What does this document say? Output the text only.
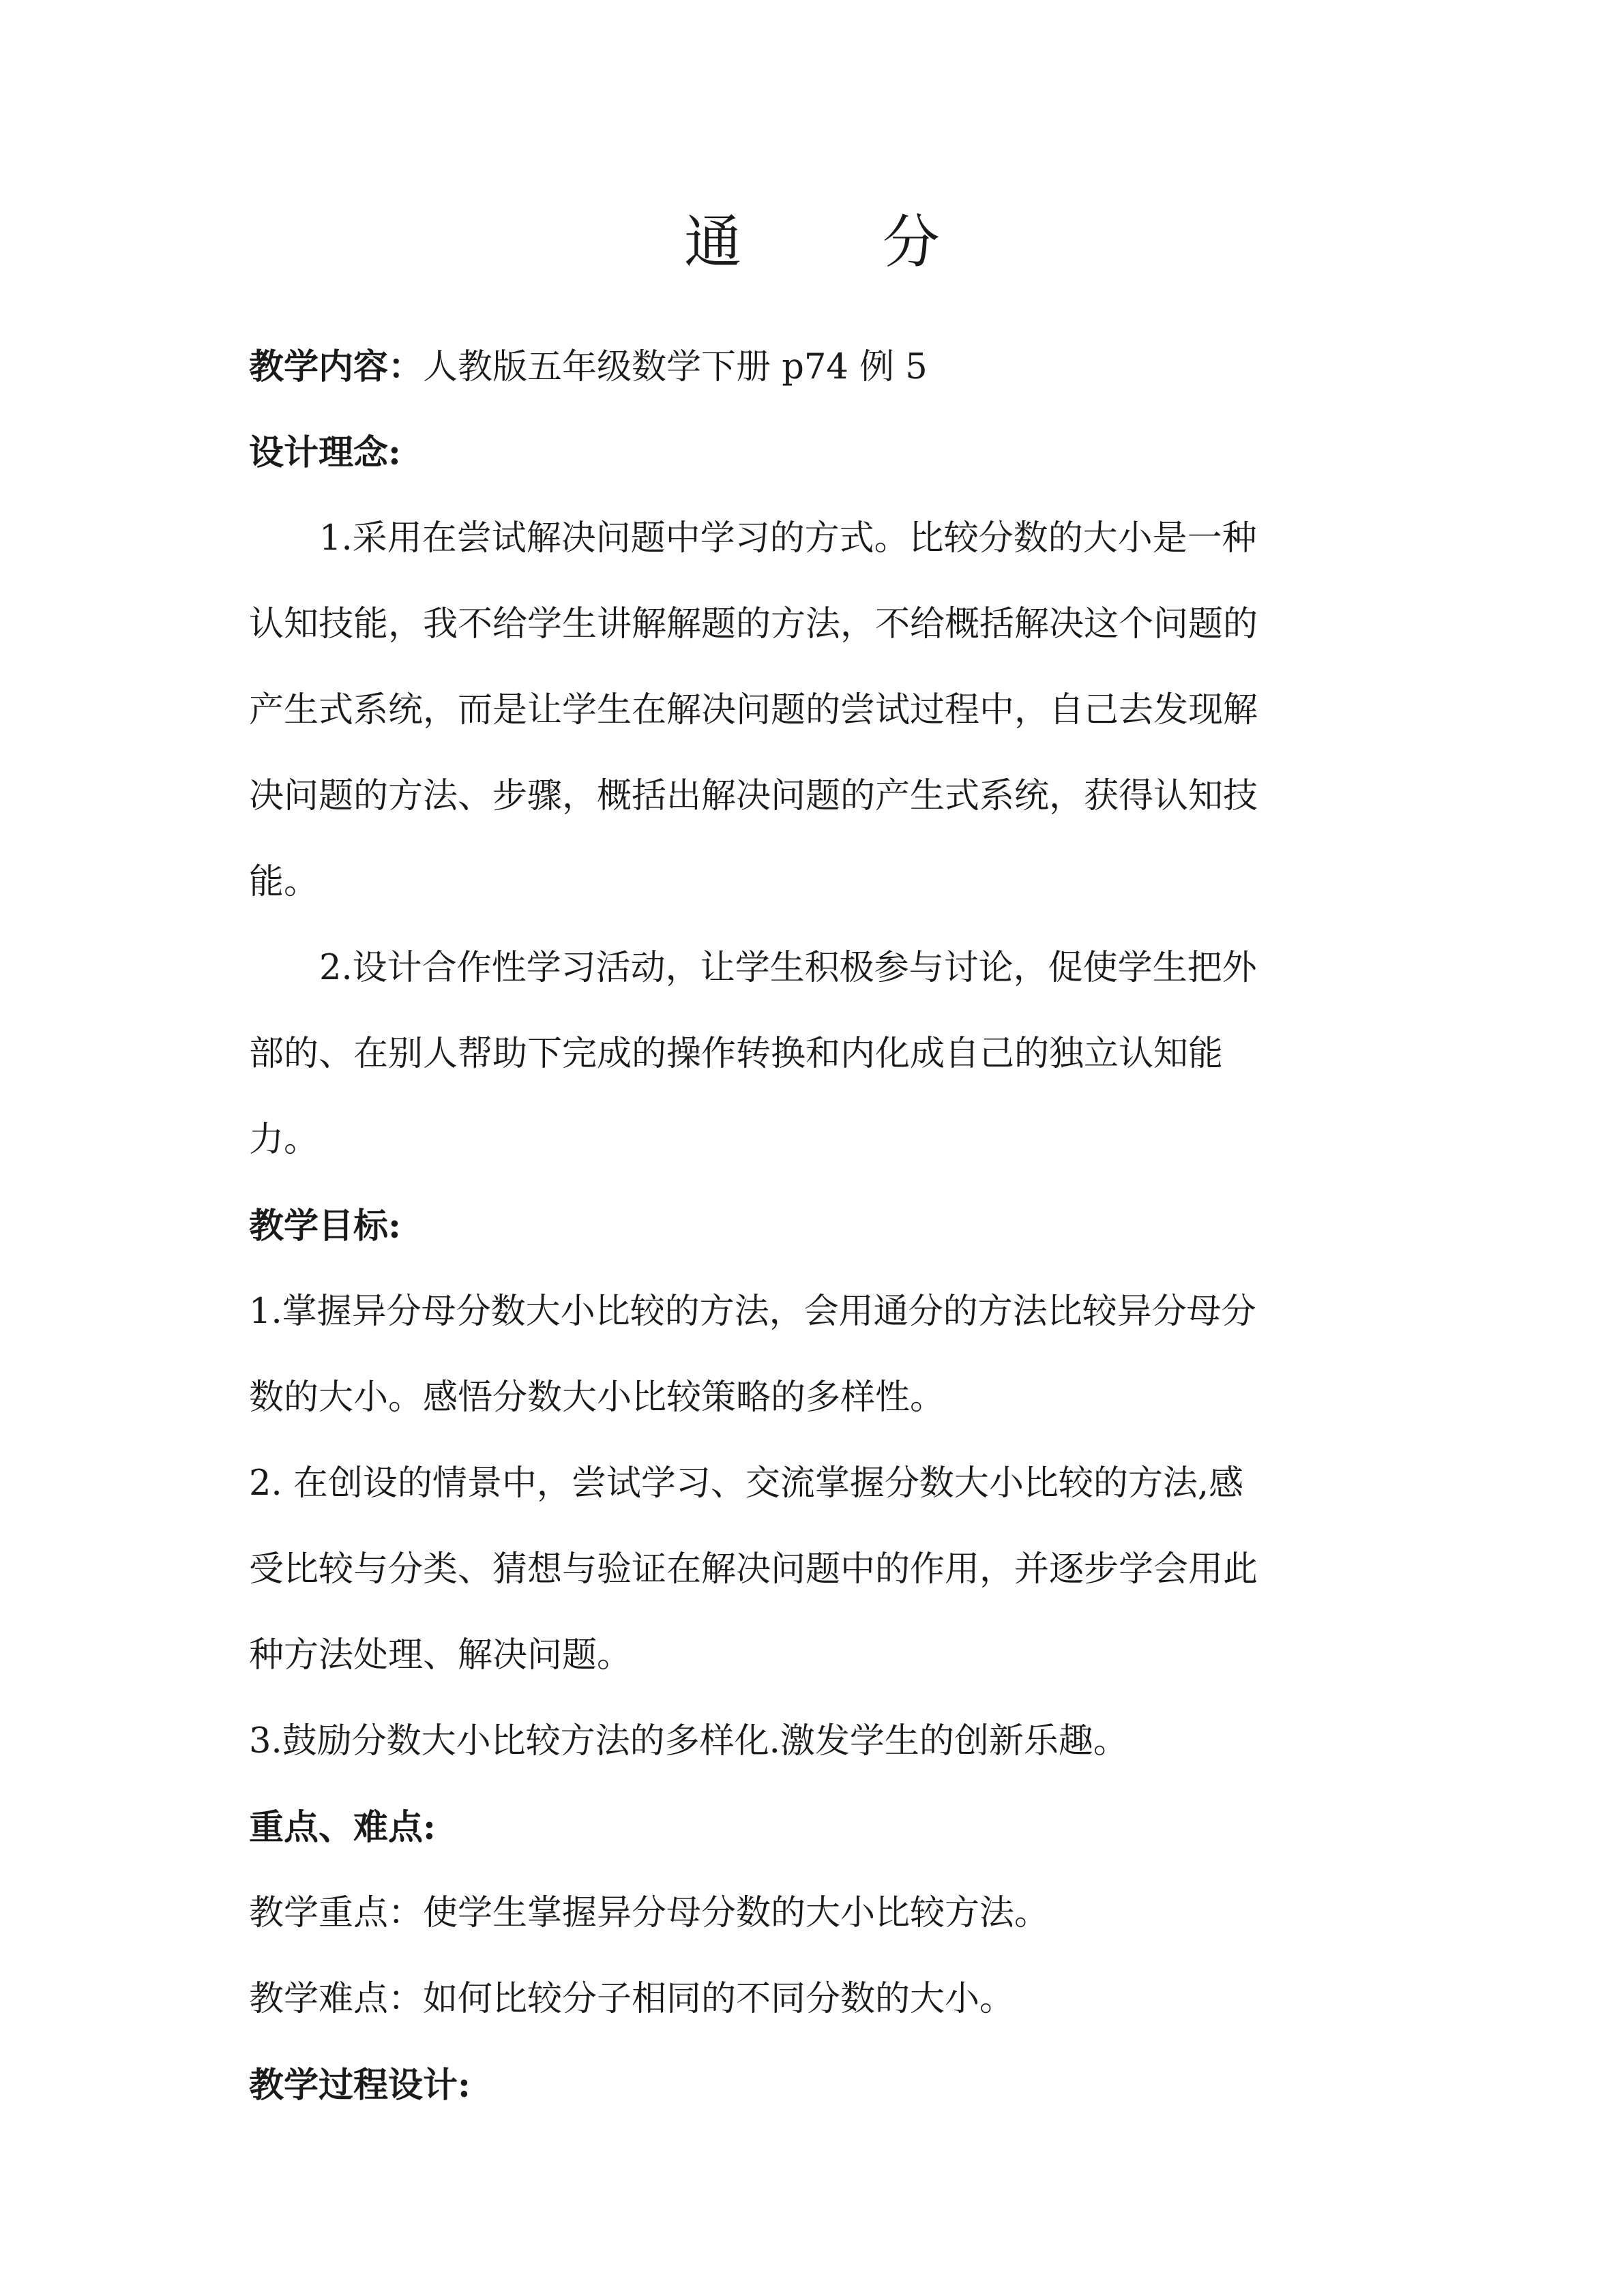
通 分

教学内容：人教版五年级数学下册 p74 例 5

设计理念:

1.采用在尝试解决问题中学习的方式。比较分数的大小是一种

认知技能，我不给学生讲解解题的方法，不给概括解决这个问题的

产生式系统，而是让学生在解决问题的尝试过程中，自己去发现解

决问题的方法、步骤，概括出解决问题的产生式系统，获得认知技

能。

2.设计合作性学习活动，让学生积极参与讨论，促使学生把外

部的、在别人帮助下完成的操作转换和内化成自己的独立认知能

力。

教学目标:

1.掌握异分母分数大小比较的方法，会用通分的方法比较异分母分

数的大小。感悟分数大小比较策略的多样性。

2. 在创设的情景中，尝试学习、交流掌握分数大小比较的方法,感

受比较与分类、猜想与验证在解决问题中的作用，并逐步学会用此

种方法处理、解决问题。

3.鼓励分数大小比较方法的多样化.激发学生的创新乐趣。

重点、难点:

教学重点：使学生掌握异分母分数的大小比较方法。

教学难点：如何比较分子相同的不同分数的大小。

教学过程设计:
